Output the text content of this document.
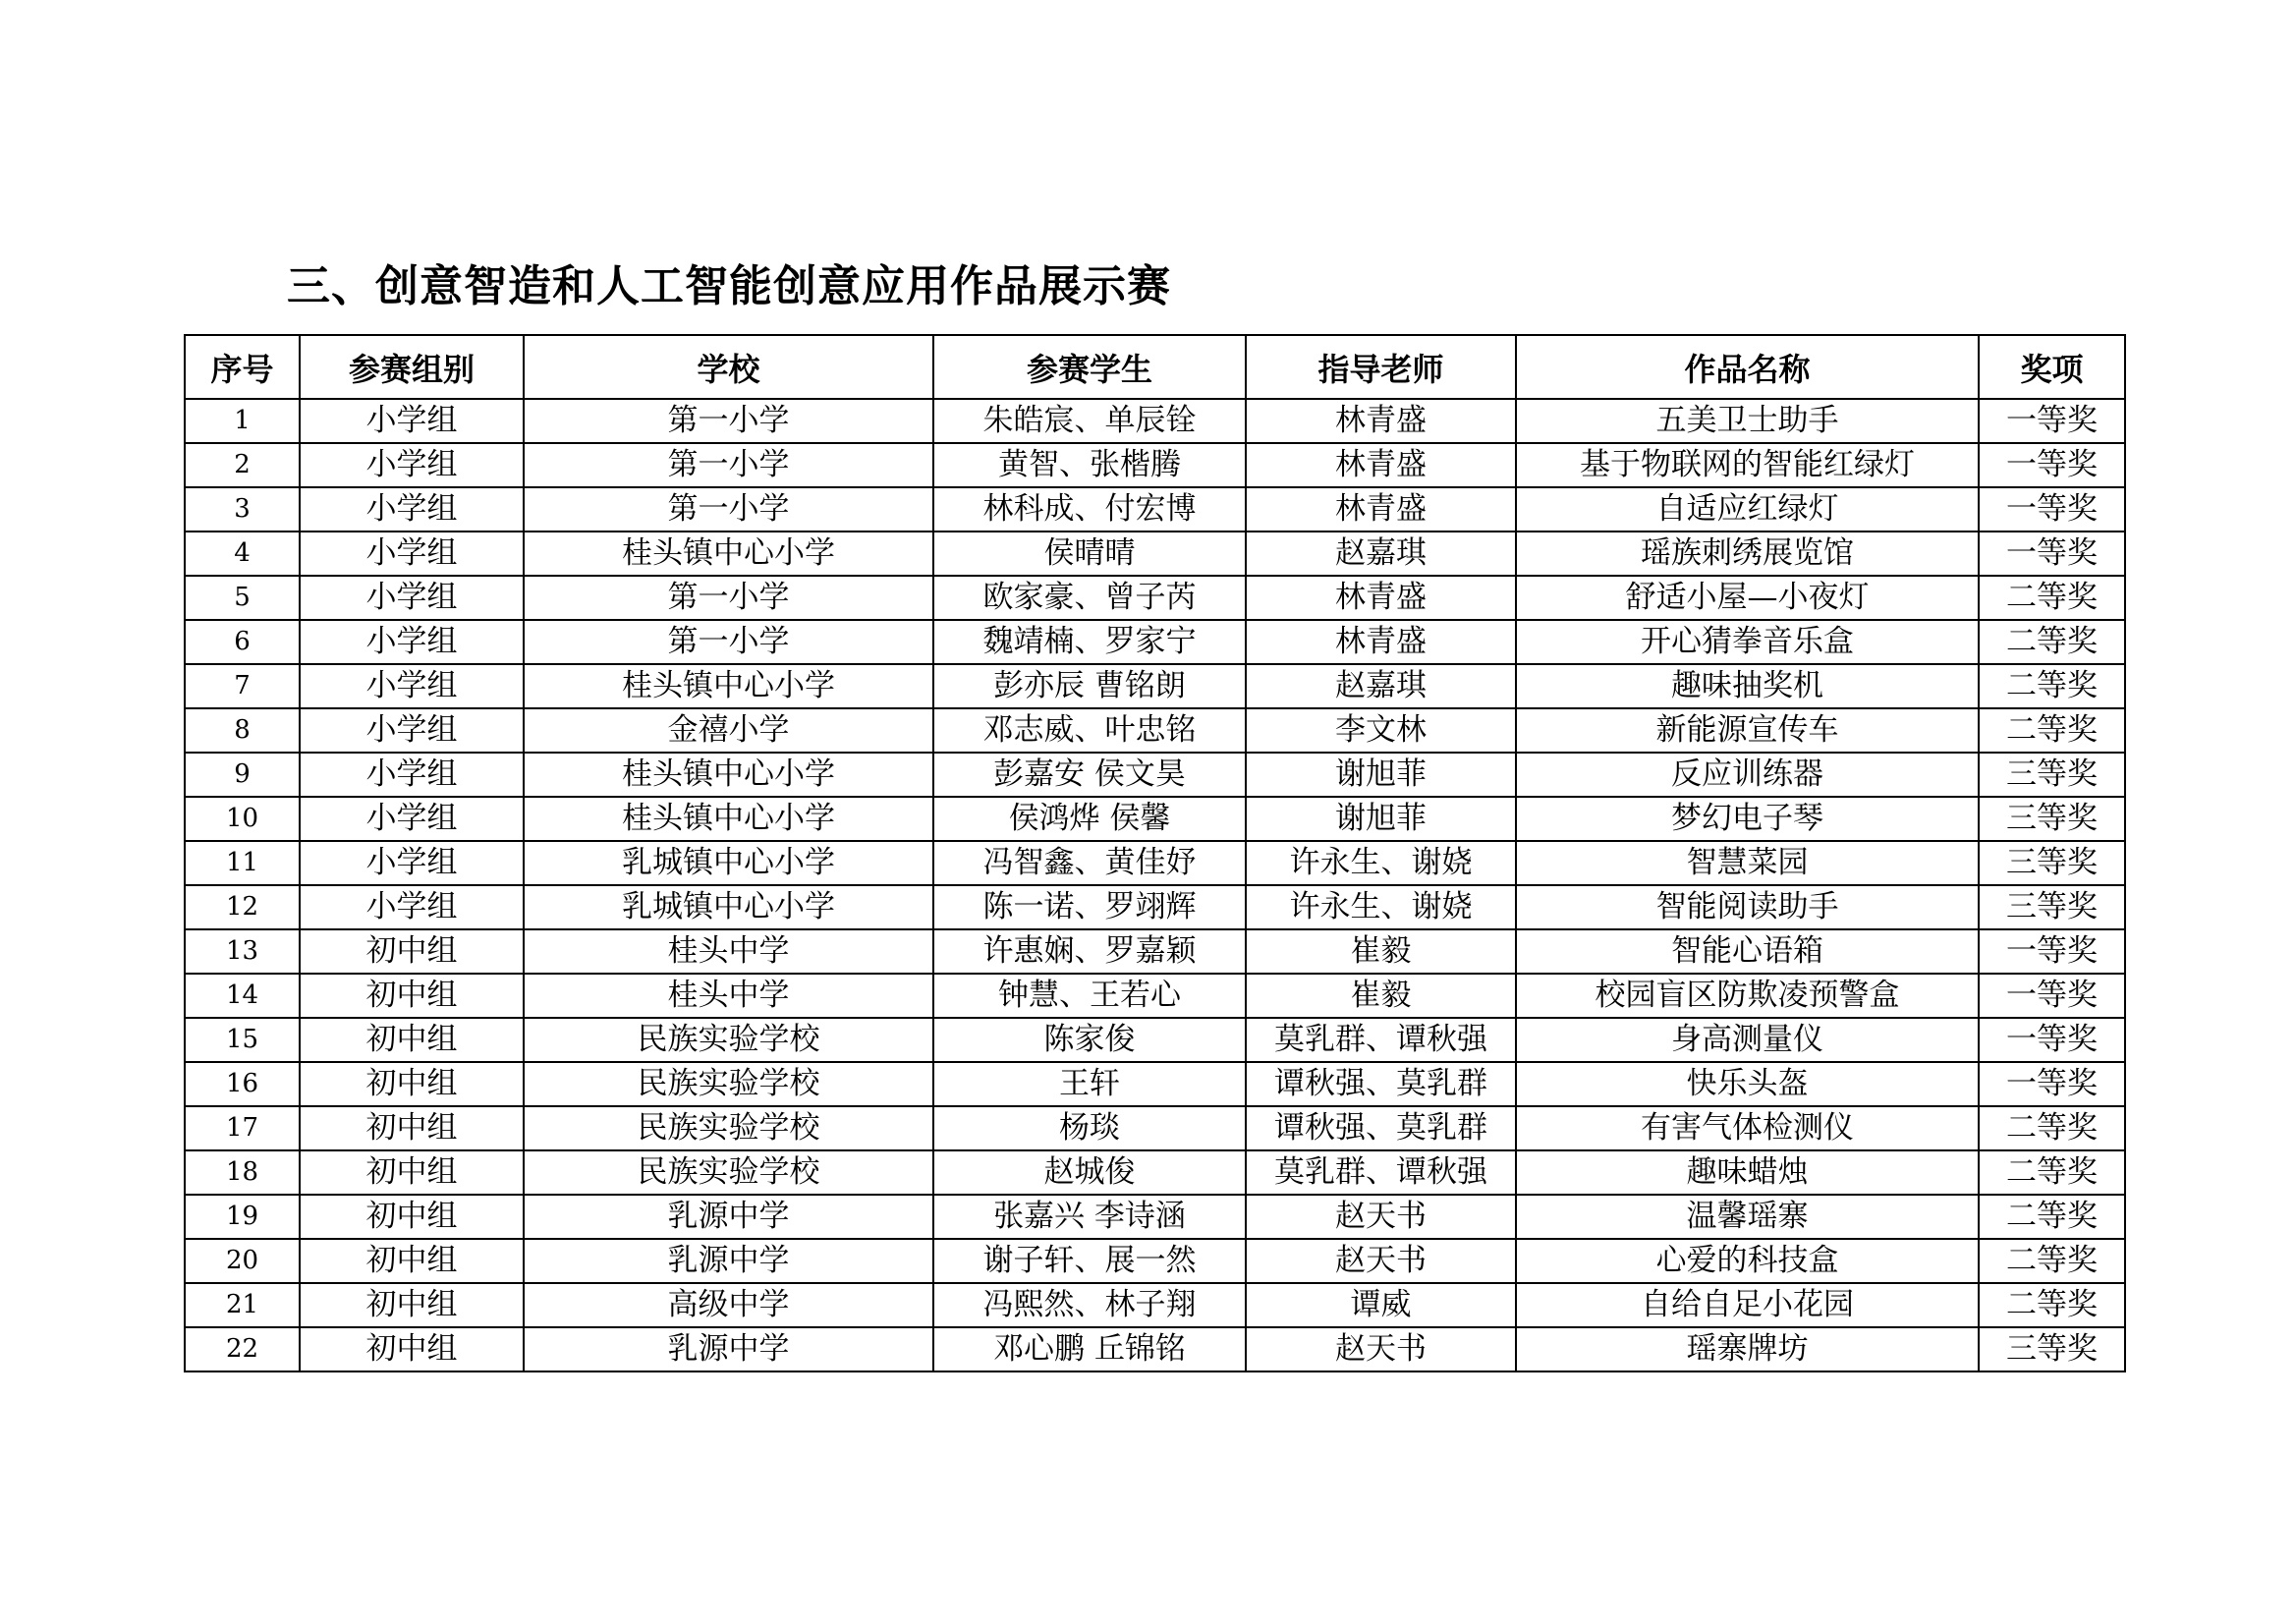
三、创意智造和人工智能创意应用作品展示赛
序号	参赛组别	学校	参赛学生	指导老师	作品名称	奖项
1	小学组	第一小学	朱皓宸、单辰铨	林青盛	五美卫士助手	一等奖
2	小学组	第一小学	黄智、张楷腾	林青盛	基于物联网的智能红绿灯	一等奖
3	小学组	第一小学	林科成、付宏博	林青盛	自适应红绿灯	一等奖
4	小学组	桂头镇中心小学	侯晴晴	赵嘉琪	瑶族刺绣展览馆	一等奖
5	小学组	第一小学	欧家豪、曾子芮	林青盛	舒适小屋—小夜灯	二等奖
6	小学组	第一小学	魏靖楠、罗家宁	林青盛	开心猜拳音乐盒	二等奖
7	小学组	桂头镇中心小学	彭亦辰 曹铭朗	赵嘉琪	趣味抽奖机	二等奖
8	小学组	金禧小学	邓志威、叶忠铭	李文林	新能源宣传车	二等奖
9	小学组	桂头镇中心小学	彭嘉安 侯文昊	谢旭菲	反应训练器	三等奖
10	小学组	桂头镇中心小学	侯鸿烨 侯馨	谢旭菲	梦幻电子琴	三等奖
11	小学组	乳城镇中心小学	冯智鑫、黄佳妤	许永生、谢娆	智慧菜园	三等奖
12	小学组	乳城镇中心小学	陈一诺、罗翊辉	许永生、谢娆	智能阅读助手	三等奖
13	初中组	桂头中学	许惠娴、罗嘉颖	崔毅	智能心语箱	一等奖
14	初中组	桂头中学	钟慧、王若心	崔毅	校园盲区防欺凌预警盒	一等奖
15	初中组	民族实验学校	陈家俊	莫乳群、谭秋强	身高测量仪	一等奖
16	初中组	民族实验学校	王轩	谭秋强、莫乳群	快乐头盔	一等奖
17	初中组	民族实验学校	杨琰	谭秋强、莫乳群	有害气体检测仪	二等奖
18	初中组	民族实验学校	赵城俊	莫乳群、谭秋强	趣味蜡烛	二等奖
19	初中组	乳源中学	张嘉兴 李诗涵	赵天书	温馨瑶寨	二等奖
20	初中组	乳源中学	谢子轩、展一然	赵天书	心爱的科技盒	二等奖
21	初中组	高级中学	冯熙然、林子翔	谭威	自给自足小花园	二等奖
22	初中组	乳源中学	邓心鹏 丘锦铭	赵天书	瑶寨牌坊	三等奖
